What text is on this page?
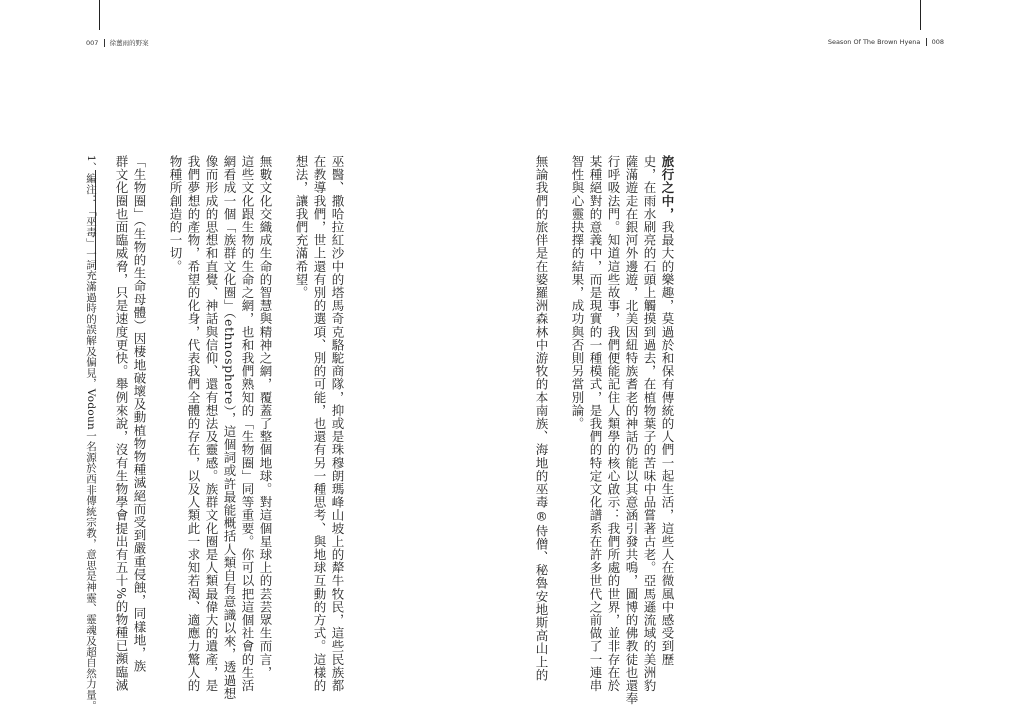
007 徐薑雨的野案	Season Of The Brown Hyena 008
旅行之中，我最大的樂趣，莫過於和保有傳統的人們一起生活，這些人在微風中感受到歷
史，在雨水刷亮的石頭上觸摸到過去，在植物葉子的苦味中品嘗著古老。亞馬遜流域的美洲豹
薩滿遊走在銀河外邊遊，北美因紐特族耆老的神話仍能以其意涵引發共鳴，圖博的佛教徒也還奉
行呼吸法門。知道這些故事，我們便能記住人類學的核心啟示：我們所處的世界，並非存在於
某種絕對的意義中，而是現實的一種模式，是我們的特定文化譜系在許多世代之前做了一連串
智性與心靈抉擇的結果，成功與否則另當別論。
無論我們的旅伴是在婆羅洲森林中游牧的本南族、海地的巫毒®侍僧、秘魯安地斯高山上的
巫醫、撒哈拉紅沙中的塔馬奇克駱駝商隊，抑或是珠穆朗瑪峰山坡上的犛牛牧民，這些民族都
在教導我們，世上還有別的選項、別的可能，也還有另一種思考、與地球互動的方式。這樣的
想法，讓我們充滿希望。
無數文化交織成生命的智慧與精神之網，覆蓋了整個地球。對這個星球上的芸芸眾生而言，
這些文化跟生物的生命之網，也和我們熟知的「生物圈」同等重要。你可以把這個社會的生活
網看成一個「族群文化圈」（ethnosphere），這個詞或許最能概括人類自有意識以來，透過想
像而形成的思想和直覺、神話與信仰、還有想法及靈感。族群文化圈是人類最偉大的遺產，是
我們夢想的產物，希望的化身，代表我們全體的存在，以及人類此一求知若渴、適應力驚人的
物種所創造的一切。
「生物圈」（生物的生命母體）因棲地破壞及動植物物種滅絕而受到嚴重侵蝕，同樣地，族
群文化圈也面臨威脅，只是速度更快。舉例來說，沒有生物學會提出有五十%的物種已瀕臨滅
1、編注：「巫毒」一詞充滿過時的誤解及偏見，Vodoun一名源於西非傳統宗教，意思是神靈、靈魂及超自然力量。
